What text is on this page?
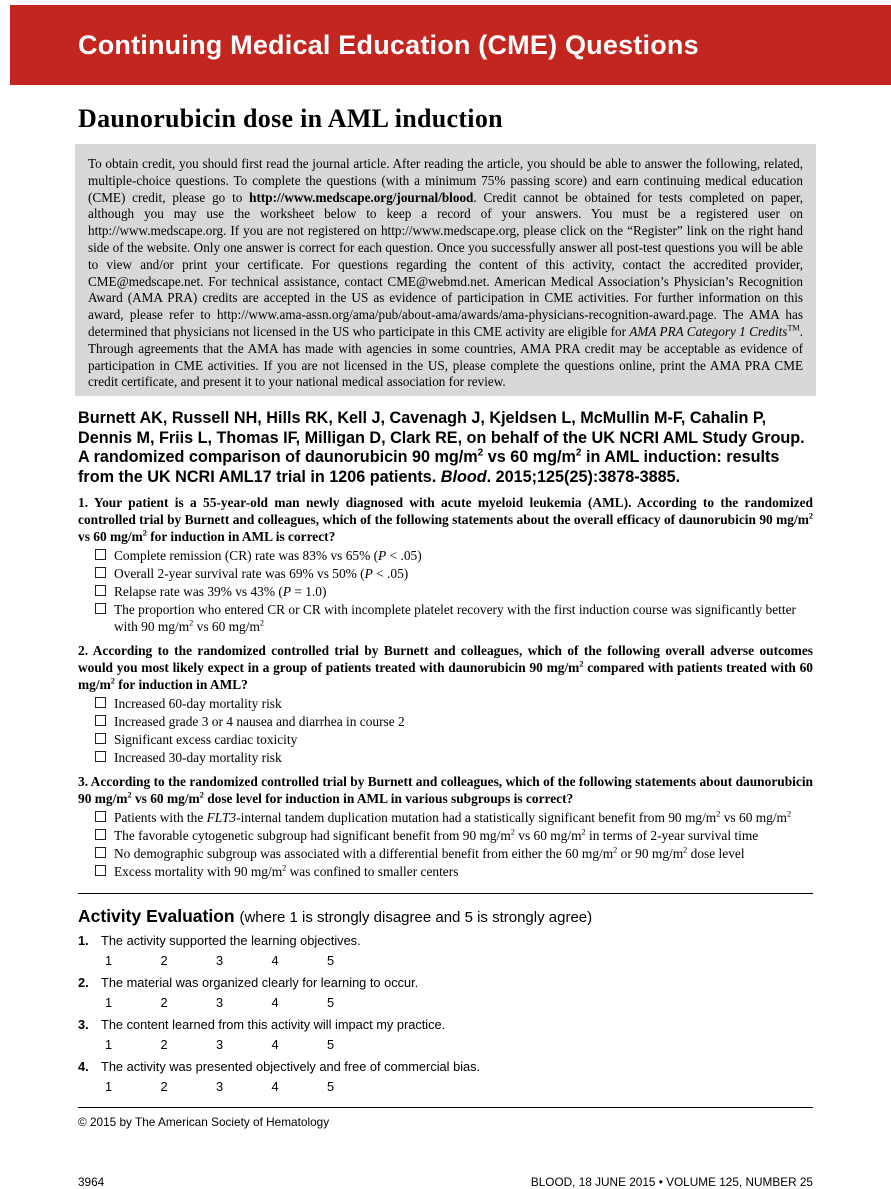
Continuing Medical Education (CME) Questions
Daunorubicin dose in AML induction

To obtain credit, you should first read the journal article. After reading the article, you should be able to answer the following, related, multiple-choice questions. To complete the questions (with a minimum 75% passing score) and earn continuing medical education (CME) credit, please go to http://www.medscape.org/journal/blood. Credit cannot be obtained for tests completed on paper, although you may use the worksheet below to keep a record of your answers. You must be a registered user on http://www.medscape.org. If you are not registered on http://www.medscape.org, please click on the “Register” link on the right hand side of the website. Only one answer is correct for each question. Once you successfully answer all post-test questions you will be able to view and/or print your certificate. For questions regarding the content of this activity, contact the accredited provider, CME@medscape.net. For technical assistance, contact CME@webmd.net. American Medical Association’s Physician’s Recognition Award (AMA PRA) credits are accepted in the US as evidence of participation in CME activities. For further information on this award, please refer to http://www.ama-assn.org/ama/pub/about-ama/awards/ama-physicians-recognition-award.page. The AMA has determined that physicians not licensed in the US who participate in this CME activity are eligible for AMA PRA Category 1 Credits™. Through agreements that the AMA has made with agencies in some countries, AMA PRA credit may be acceptable as evidence of participation in CME activities. If you are not licensed in the US, please complete the questions online, print the AMA PRA CME credit certificate, and present it to your national medical association for review.

Burnett AK, Russell NH, Hills RK, Kell J, Cavenagh J, Kjeldsen L, McMullin M-F, Cahalin P, Dennis M, Friis L, Thomas IF, Milligan D, Clark RE, on behalf of the UK NCRI AML Study Group. A randomized comparison of daunorubicin 90 $mg/m^2$ vs 60 $mg/m^2$ in AML induction: results from the UK NCRI AML17 trial in 1206 patients. Blood. 2015;125(25):3878-3885.

1. Your patient is a 55-year-old man newly diagnosed with acute myeloid leukemia (AML). According to the randomized controlled trial by Burnett and colleagues, which of the following statements about the overall efficacy of daunorubicin 90 $mg/m^2$ vs 60 $mg/m^2$ for induction in AML is correct?

Complete remission (CR) rate was 83% vs 65% (P < .05)
Overall 2-year survival rate was 69% vs 50% (P < .05)
Relapse rate was 39% vs 43% (P = 1.0)
The proportion who entered CR or CR with incomplete platelet recovery with the first induction course was significantly better with 90 $mg/m^2$ vs 60 $mg/m^2$

2. According to the randomized controlled trial by Burnett and colleagues, which of the following overall adverse outcomes would you most likely expect in a group of patients treated with daunorubicin 90 $mg/m^2$ compared with patients treated with 60 $mg/m^2$ for induction in AML?

Increased 60-day mortality risk
Increased grade 3 or 4 nausea and diarrhea in course 2
Significant excess cardiac toxicity
Increased 30-day mortality risk

3. According to the randomized controlled trial by Burnett and colleagues, which of the following statements about daunorubicin 90 $mg/m^2$ vs 60 $mg/m^2$ dose level for induction in AML in various subgroups is correct?

Patients with the FLT3-internal tandem duplication mutation had a statistically significant benefit from 90 $mg/m^2$ vs 60 $mg/m^2$
The favorable cytogenetic subgroup had significant benefit from 90 $mg/m^2$ vs 60 $mg/m^2$ in terms of 2-year survival time
No demographic subgroup was associated with a differential benefit from either the 60 $mg/m^2$ or 90 $mg/m^2$ dose level
Excess mortality with 90 $mg/m^2$ was confined to smaller centers
Activity Evaluation (where 1 is strongly disagree and 5 is strongly agree)
1. The activity supported the learning objectives.
1	2	3	4	5
2. The material was organized clearly for learning to occur.
1	2	3	4	5
3. The content learned from this activity will impact my practice.
1	2	3	4	5
4. The activity was presented objectively and free of commercial bias.
1	2	3	4	5

© 2015 by The American Society of Hematology

3964	BLOOD, 18 JUNE 2015 • VOLUME 125, NUMBER 25
